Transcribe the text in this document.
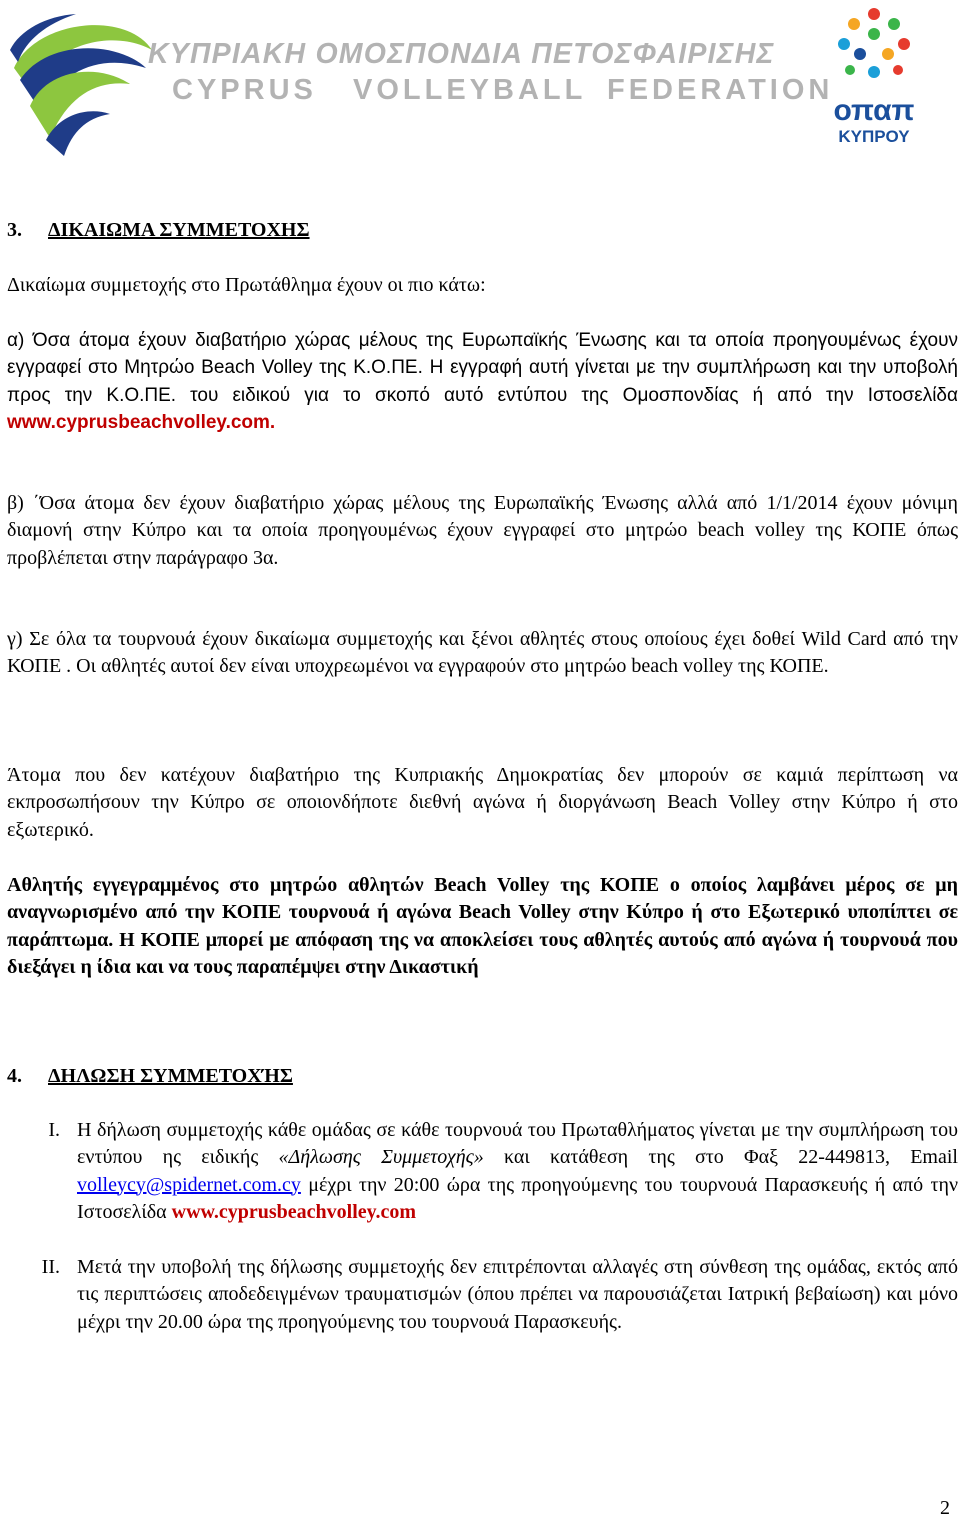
ΚΥΠΡΙΑΚΗ ΟΜΟΣΠΟΝΔΙΑ ΠΕΤΟΣΦΑΙΡΙΣΗΣ
CYPRUS VOLLEYBALL FEDERATION
οπαπ
ΚΥΠΡΟΥ
3. ΔΙΚΑΙΩΜΑ ΣΥΜΜΕΤΟΧΗΣ
Δικαίωμα συμμετοχής στο Πρωτάθλημα έχουν οι πιο κάτω:
α) Όσα άτομα έχουν διαβατήριο χώρας μέλους της Ευρωπαϊκής Ένωσης και τα οποία προηγουμένως έχουν εγγραφεί στο Μητρώο Beach Volley της Κ.Ο.ΠΕ. Η εγγραφή αυτή γίνεται με την συμπλήρωση και την υποβολή προς την Κ.Ο.ΠΕ. του ειδικού για το σκοπό αυτό εντύπου της Ομοσπονδίας ή από την Ιστοσελίδα www.cyprusbeachvolley.com.
β) ΄Όσα άτομα δεν έχουν διαβατήριο χώρας μέλους της Ευρωπαϊκής Ένωσης αλλά από 1/1/2014 έχουν μόνιμη διαμονή στην Κύπρο και τα οποία προηγουμένως έχουν εγγραφεί στο μητρώο beach volley της ΚΟΠΕ όπως προβλέπεται στην παράγραφο 3α.
γ) Σε όλα τα τουρνουά έχουν δικαίωμα συμμετοχής και ξένοι αθλητές στους οποίους έχει δοθεί Wild Card από την ΚΟΠΕ . Οι αθλητές αυτοί δεν είναι υποχρεωμένοι να εγγραφούν στο μητρώο beach volley της ΚΟΠΕ.
Άτομα που δεν κατέχουν διαβατήριο της Κυπριακής Δημοκρατίας δεν μπορούν σε καμιά περίπτωση να εκπροσωπήσουν την Κύπρο σε οποιονδήποτε διεθνή αγώνα ή διοργάνωση Beach Volley στην Κύπρο ή στο εξωτερικό.
Αθλητής εγγεγραμμένος στο μητρώο αθλητών Beach Volley της ΚΟΠΕ ο οποίος λαμβάνει μέρος σε μη αναγνωρισμένο από την ΚΟΠΕ τουρνουά ή αγώνα Beach Volley στην Κύπρο ή στο Εξωτερικό υποπίπτει σε παράπτωμα. Η ΚΟΠΕ μπορεί με απόφαση της να αποκλείσει τους αθλητές αυτούς από αγώνα ή τουρνουά που διεξάγει η ίδια και να τους παραπέμψει στην Δικαστική
4. ΔΗΛΩΣΗ ΣΥΜΜΕΤΟΧΉΣ
I. Η δήλωση συμμετοχής κάθε ομάδας σε κάθε τουρνουά του Πρωταθλήματος γίνεται με την συμπλήρωση του εντύπου ης ειδικής «Δήλωσης Συμμετοχής» και κατάθεση της στο Φαξ 22-449813, Email volleycy@spidernet.com.cy μέχρι την 20:00 ώρα της προηγούμενης του τουρνουά Παρασκευής ή από την Ιστοσελίδα www.cyprusbeachvolley.com
II. Μετά την υποβολή της δήλωσης συμμετοχής δεν επιτρέπονται αλλαγές στη σύνθεση της ομάδας, εκτός από τις περιπτώσεις αποδεδειγμένων τραυματισμών (όπου πρέπει να παρουσιάζεται Ιατρική βεβαίωση) και μόνο μέχρι την 20.00 ώρα της προηγούμενης του τουρνουά Παρασκευής.
2
